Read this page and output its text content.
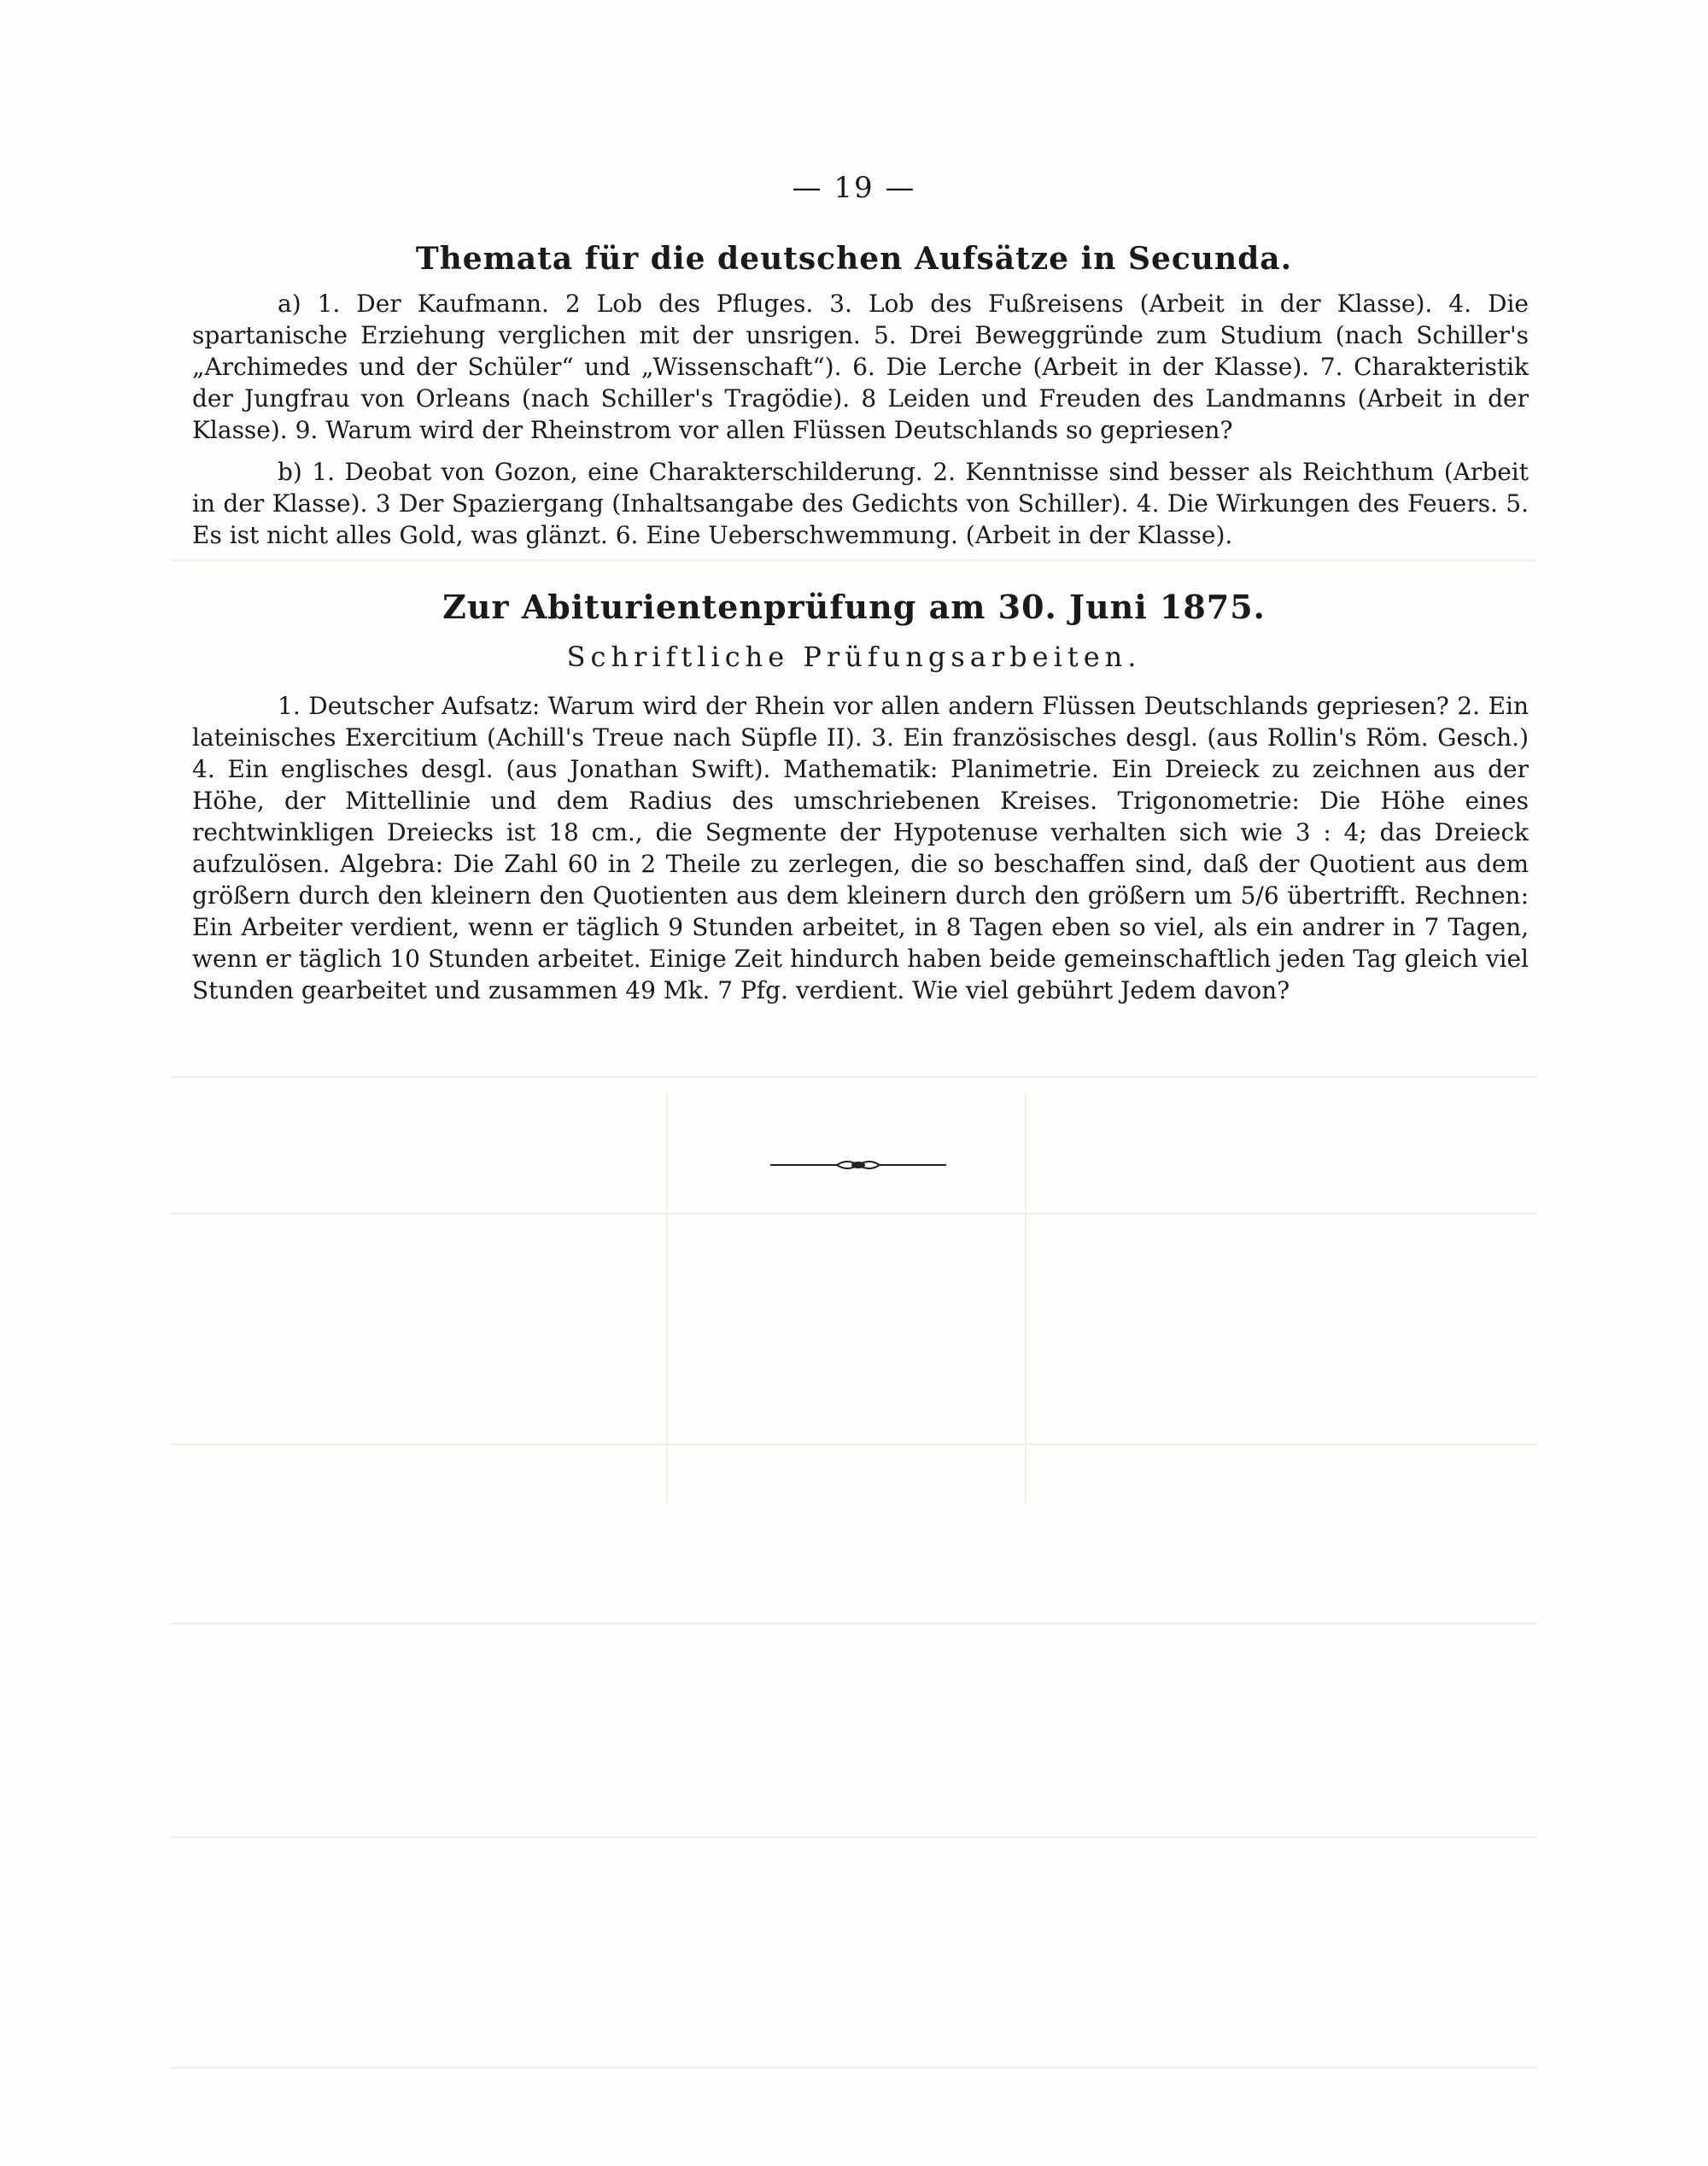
— 19 —
Themata für die deutschen Aufsätze in Secunda.
a) 1. Der Kaufmann. 2 Lob des Pfluges. 3. Lob des Fußreisens (Arbeit in der Klasse). 4. Die spartanische Erziehung verglichen mit der unsrigen. 5. Drei Beweggründe zum Studium (nach Schiller's „Archimedes und der Schüler“ und „Wissenschaft“). 6. Die Lerche (Arbeit in der Klasse). 7. Charakteristik der Jungfrau von Orleans (nach Schiller's Tragödie). 8 Leiden und Freuden des Landmanns (Arbeit in der Klasse). 9. Warum wird der Rheinstrom vor allen Flüssen Deutschlands so gepriesen?
b) 1. Deobat von Gozon, eine Charakterschilderung. 2. Kenntnisse sind besser als Reichthum (Arbeit in der Klasse). 3 Der Spaziergang (Inhaltsangabe des Gedichts von Schiller). 4. Die Wirkungen des Feuers. 5. Es ist nicht alles Gold, was glänzt. 6. Eine Ueberschwemmung. (Arbeit in der Klasse).
Zur Abiturientenprüfung am 30. Juni 1875.
Schriftliche Prüfungsarbeiten.
1. Deutscher Aufsatz: Warum wird der Rhein vor allen andern Flüssen Deutschlands gepriesen? 2. Ein lateinisches Exercitium (Achill's Treue nach Süpfle II). 3. Ein französisches desgl. (aus Rollin's Röm. Gesch.) 4. Ein englisches desgl. (aus Jonathan Swift). Mathematik: Planimetrie. Ein Dreieck zu zeichnen aus der Höhe, der Mittellinie und dem Radius des umschriebenen Kreises. Trigonometrie: Die Höhe eines rechtwinkligen Dreiecks ist 18 cm., die Segmente der Hypotenuse verhalten sich wie 3 : 4; das Dreieck aufzulösen. Algebra: Die Zahl 60 in 2 Theile zu zerlegen, die so beschaffen sind, daß der Quotient aus dem größern durch den kleinern den Quotienten aus dem kleinern durch den größern um 5/6 übertrifft. Rechnen: Ein Arbeiter verdient, wenn er täglich 9 Stunden arbeitet, in 8 Tagen eben so viel, als ein andrer in 7 Tagen, wenn er täglich 10 Stunden arbeitet. Einige Zeit hindurch haben beide gemeinschaftlich jeden Tag gleich viel Stunden gearbeitet und zusammen 49 Mk. 7 Pfg. verdient. Wie viel gebührt Jedem davon?
